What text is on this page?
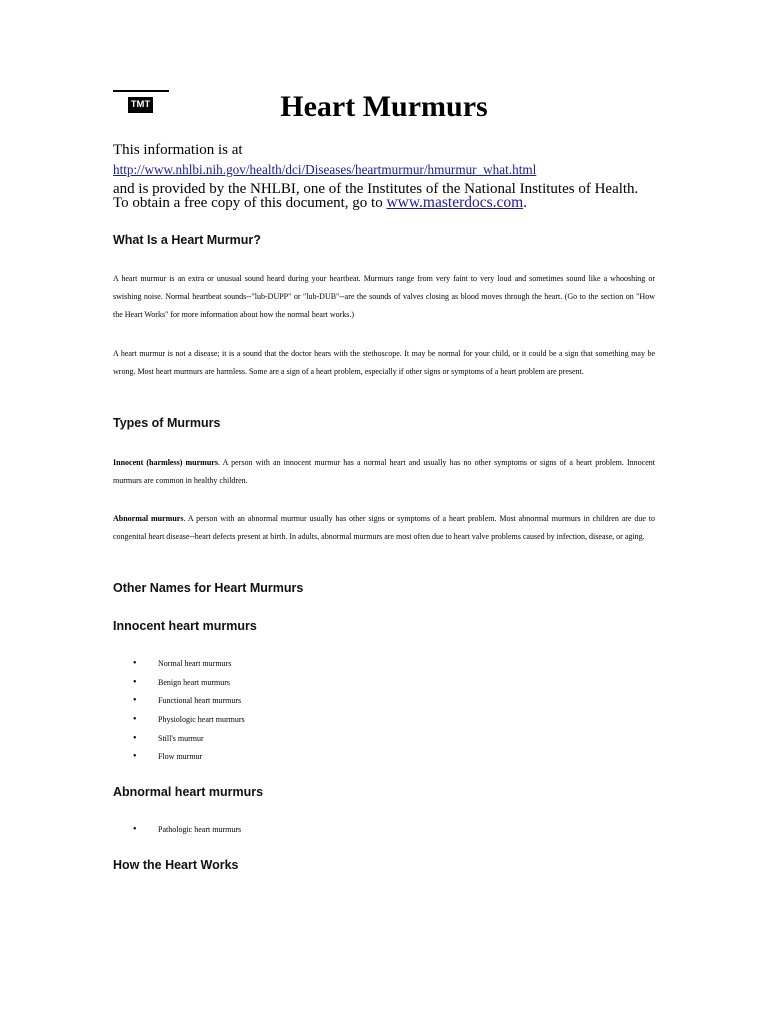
TMT	Heart Murmurs
This information is at http://www.nhlbi.nih.gov/health/dci/Diseases/heartmurmur/hmurmur_what.html
and is provided by the NHLBI, one of the Institutes of the National Institutes of Health.
To obtain a free copy of this document, go to www.masterdocs.com.
What Is a Heart Murmur?

A heart murmur is an extra or unusual sound heard during your heartbeat. Murmurs range from very faint to very loud and sometimes sound like a whooshing or swishing noise. Normal heartbeat sounds--"lub-DUPP" or "lub-DUB"--are the sounds of valves closing as blood moves through the heart. (Go to the section on "How the Heart Works" for more information about how the normal heart works.)

A heart murmur is not a disease; it is a sound that the doctor hears with the stethoscope. It may be normal for your child, or it could be a sign that something may be wrong. Most heart murmurs are harmless. Some are a sign of a heart problem, especially if other signs or symptoms of a heart problem are present.

Types of Murmurs

Innocent (harmless) murmurs. A person with an innocent murmur has a normal heart and usually has no other symptoms or signs of a heart problem. Innocent murmurs are common in healthy children.

Abnormal murmurs. A person with an abnormal murmur usually has other signs or symptoms of a heart problem. Most abnormal murmurs in children are due to congenital heart disease--heart defects present at birth. In adults, abnormal murmurs are most often due to heart valve problems caused by infection, disease, or aging.

Other Names for Heart Murmurs
Innocent heart murmurs
•	Normal heart murmurs
•	Benign heart murmurs
•	Functional heart murmurs
•	Physiologic heart murmurs
•	Still's murmur
•	Flow murmur
Abnormal heart murmurs
•	Pathologic heart murmurs
How the Heart Works
